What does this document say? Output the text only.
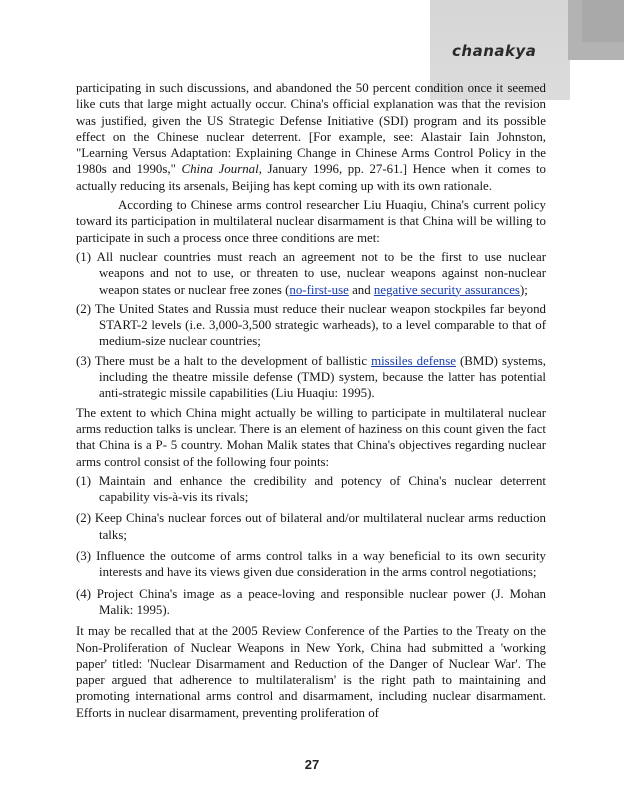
chanakya

participating in such discussions, and abandoned the 50 percent condition once it seemed like cuts that large might actually occur. China's official explanation was that the revision was justified, given the US Strategic Defense Initiative (SDI) program and its possible effect on the Chinese nuclear deterrent. [For example, see: Alastair Iain Johnston, "Learning Versus Adaptation: Explaining Change in Chinese Arms Control Policy in the 1980s and 1990s," China Journal, January 1996, pp. 27-61.] Hence when it comes to actually reducing its arsenals, Beijing has kept coming up with its own rationale.

According to Chinese arms control researcher Liu Huaqiu, China's current policy toward its participation in multilateral nuclear disarmament is that China will be willing to participate in such a process once three conditions are met:

(1) All nuclear countries must reach an agreement not to be the first to use nuclear weapons and not to use, or threaten to use, nuclear weapons against non-nuclear weapon states or nuclear free zones (no-first-use and negative security assurances);

(2) The United States and Russia must reduce their nuclear weapon stockpiles far beyond START-2 levels (i.e. 3,000-3,500 strategic warheads), to a level comparable to that of medium-size nuclear countries;

(3) There must be a halt to the development of ballistic missiles defense (BMD) systems, including the theatre missile defense (TMD) system, because the latter has potential anti-strategic missile capabilities (Liu Huaqiu: 1995).

The extent to which China might actually be willing to participate in multilateral nuclear arms reduction talks is unclear. There is an element of haziness on this count given the fact that China is a P- 5 country. Mohan Malik states that China's objectives regarding nuclear arms control consist of the following four points:

(1) Maintain and enhance the credibility and potency of China's nuclear deterrent capability vis-à-vis its rivals;

(2) Keep China's nuclear forces out of bilateral and/or multilateral nuclear arms reduction talks;

(3) Influence the outcome of arms control talks in a way beneficial to its own security interests and have its views given due consideration in the arms control negotiations;

(4) Project China's image as a peace-loving and responsible nuclear power (J. Mohan Malik: 1995).

It may be recalled that at the 2005 Review Conference of the Parties to the Treaty on the Non-Proliferation of Nuclear Weapons in New York, China had submitted a 'working paper' titled: 'Nuclear Disarmament and Reduction of the Danger of Nuclear War'. The paper argued that adherence to multilateralism' is the right path to maintaining and promoting international arms control and disarmament, including nuclear disarmament. Efforts in nuclear disarmament, preventing proliferation of

27
